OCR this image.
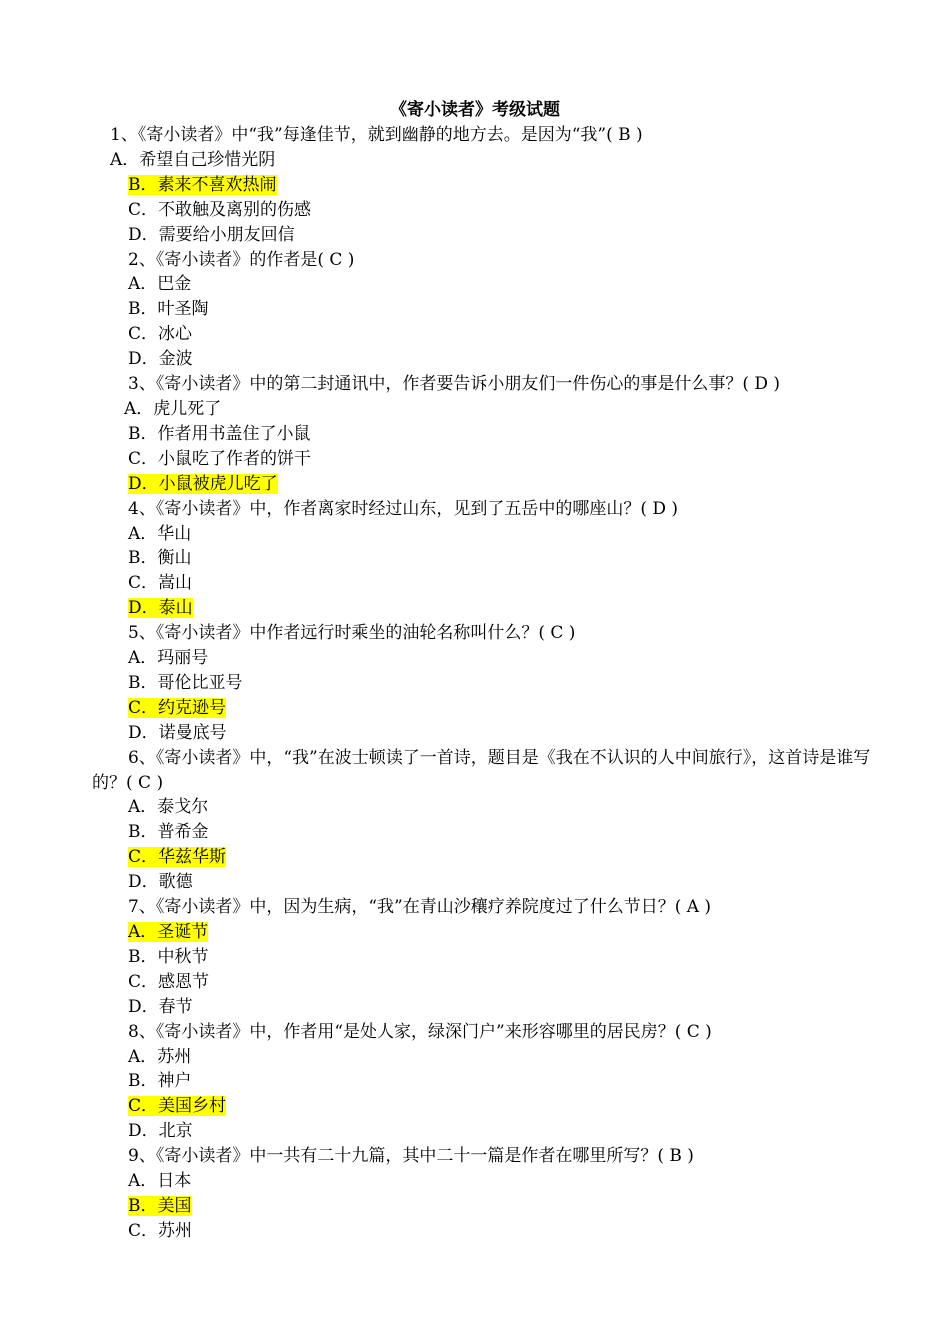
《寄小读者》考级试题
1、《寄小读者》中“我”每逢佳节，就到幽静的地方去。是因为“我”( B )
A．希望自己珍惜光阴
B．素来不喜欢热闹
C．不敢触及离别的伤感
D．需要给小朋友回信
2、《寄小读者》的作者是( C )
A．巴金
B．叶圣陶
C．冰心
D．金波
3、《寄小读者》中的第二封通讯中，作者要告诉小朋友们一件伤心的事是什么事？( D )
A．虎儿死了
B．作者用书盖住了小鼠
C．小鼠吃了作者的饼干
D．小鼠被虎儿吃了
4、《寄小读者》中，作者离家时经过山东，见到了五岳中的哪座山？( D )
A．华山
B．衡山
C．嵩山
D．泰山
5、《寄小读者》中作者远行时乘坐的油轮名称叫什么？( C )
A．玛丽号
B．哥伦比亚号
C．约克逊号
D．诺曼底号
6、《寄小读者》中，“我”在波士顿读了一首诗，题目是《我在不认识的人中间旅行》，这首诗是谁写的？( C )
A．泰戈尔
B．普希金
C．华兹华斯
D．歌德
7、《寄小读者》中，因为生病，“我”在青山沙穰疗养院度过了什么节日？( A )
A．圣诞节
B．中秋节
C．感恩节
D．春节
8、《寄小读者》中，作者用“是处人家，绿深门户”来形容哪里的居民房？( C )
A．苏州
B．神户
C．美国乡村
D．北京
9、《寄小读者》中一共有二十九篇，其中二十一篇是作者在哪里所写？( B )
A．日本
B．美国
C．苏州
